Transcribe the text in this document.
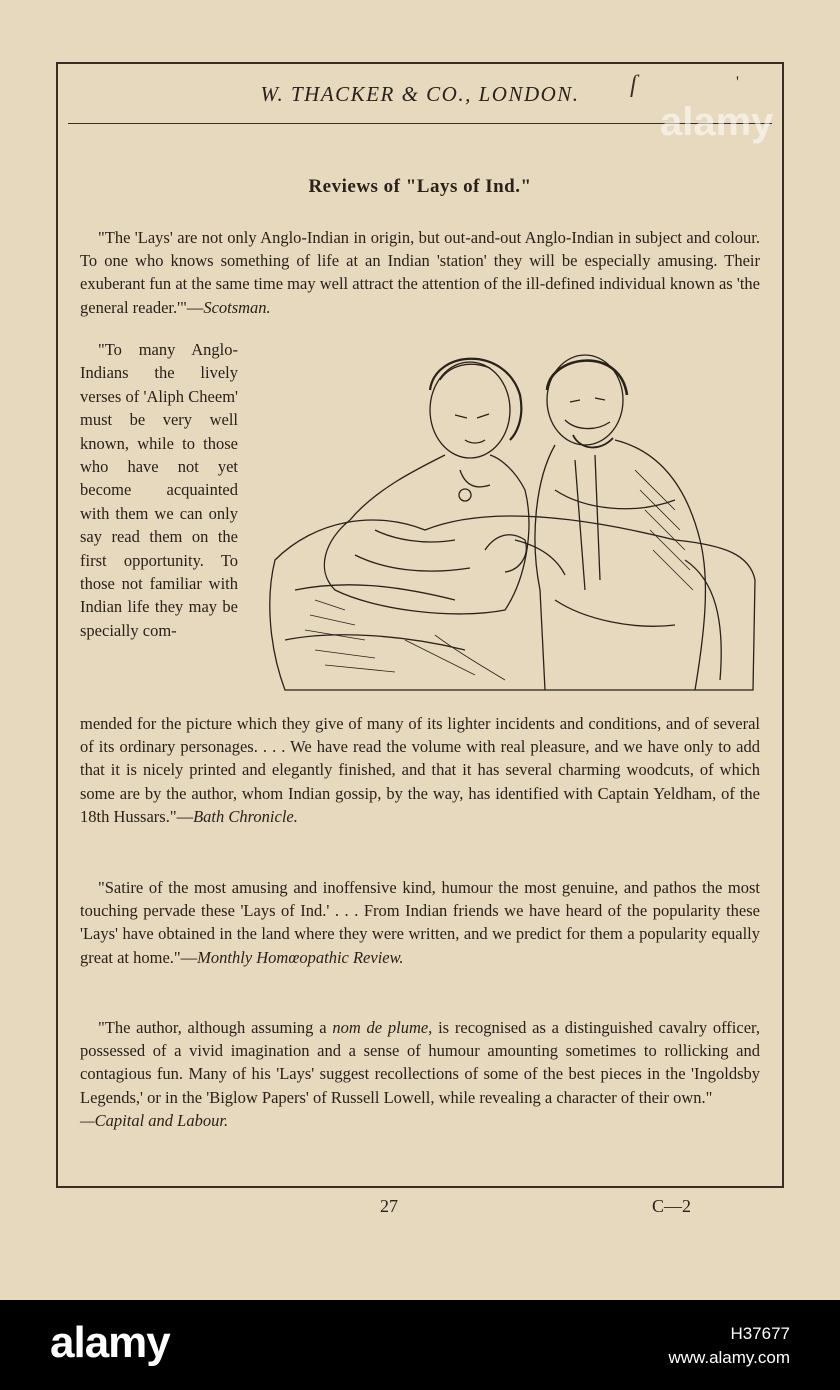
W. THACKER & CO., LONDON.	ſ	'
Reviews of "Lays of Ind."
"The 'Lays' are not only Anglo-Indian in origin, but out-and-out Anglo-Indian in subject and colour. To one who knows something of life at an Indian 'station' they will be especially amusing. Their exuberant fun at the same time may well attract the attention of the ill-defined individual known as 'the general reader.'"—Scotsman.
"To many Anglo-Indians the lively verses of 'Aliph Cheem' must be very well known, while to those who have not yet become acquainted with them we can only say read them on the first opportunity. To those not familiar with Indian life they may be specially com-
mended for the picture which they give of many of its lighter incidents and conditions, and of several of its ordinary personages. . . . We have read the volume with real pleasure, and we have only to add that it is nicely printed and elegantly finished, and that it has several charming woodcuts, of which some are by the author, whom Indian gossip, by the way, has identified with Captain Yeldham, of the 18th Hussars."—Bath Chronicle.
"Satire of the most amusing and inoffensive kind, humour the most genuine, and pathos the most touching pervade these 'Lays of Ind.' . . . From Indian friends we have heard of the popularity these 'Lays' have obtained in the land where they were written, and we predict for them a popularity equally great at home."—Monthly Homœopathic Review.
"The author, although assuming a nom de plume, is recognised as a distinguished cavalry officer, possessed of a vivid imagination and a sense of humour amounting sometimes to rollicking and contagious fun. Many of his 'Lays' suggest recollections of some of the best pieces in the 'Ingoldsby Legends,' or in the 'Biglow Papers' of Russell Lowell, while revealing a character of their own."
—Capital and Labour.
27	C—2
alamy
alamy	H37677
www.alamy.com
